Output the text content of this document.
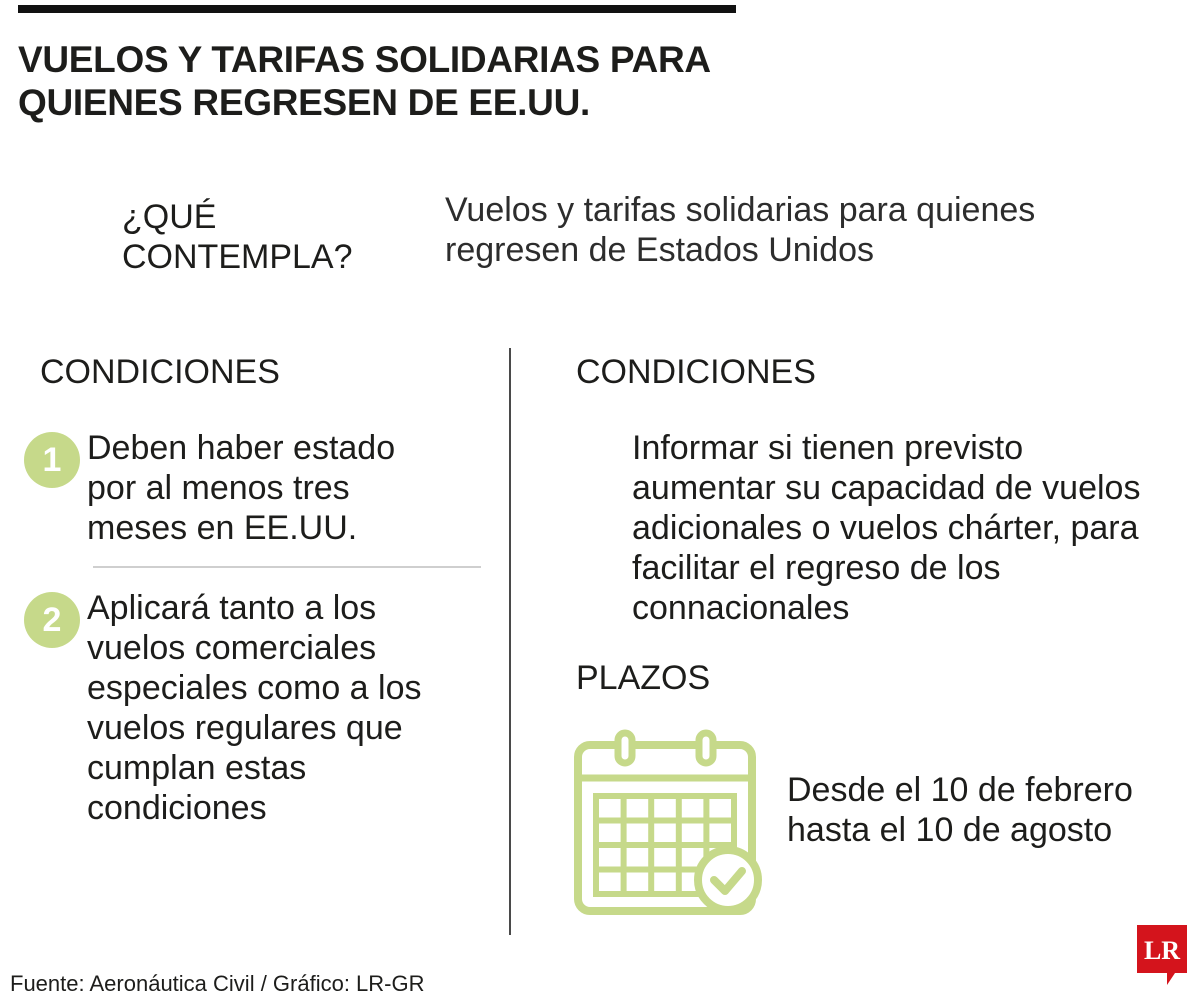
VUELOS Y TARIFAS SOLIDARIAS PARA
QUIENES REGRESEN DE EE.UU.
¿QUÉ
CONTEMPLA?
Vuelos y tarifas solidarias para quienes
regresen de Estados Unidos
CONDICIONES
1 Deben haber estado
por al menos tres
meses en EE.UU.
2 Aplicará tanto a los
vuelos comerciales
especiales como a los
vuelos regulares que
cumplan estas
condiciones
CONDICIONES
Informar si tienen previsto
aumentar su capacidad de vuelos
adicionales o vuelos chárter, para
facilitar el regreso de los
connacionales
PLAZOS
Desde el 10 de febrero
hasta el 10 de agosto
Fuente: Aeronáutica Civil / Gráfico: LR-GR
LR
